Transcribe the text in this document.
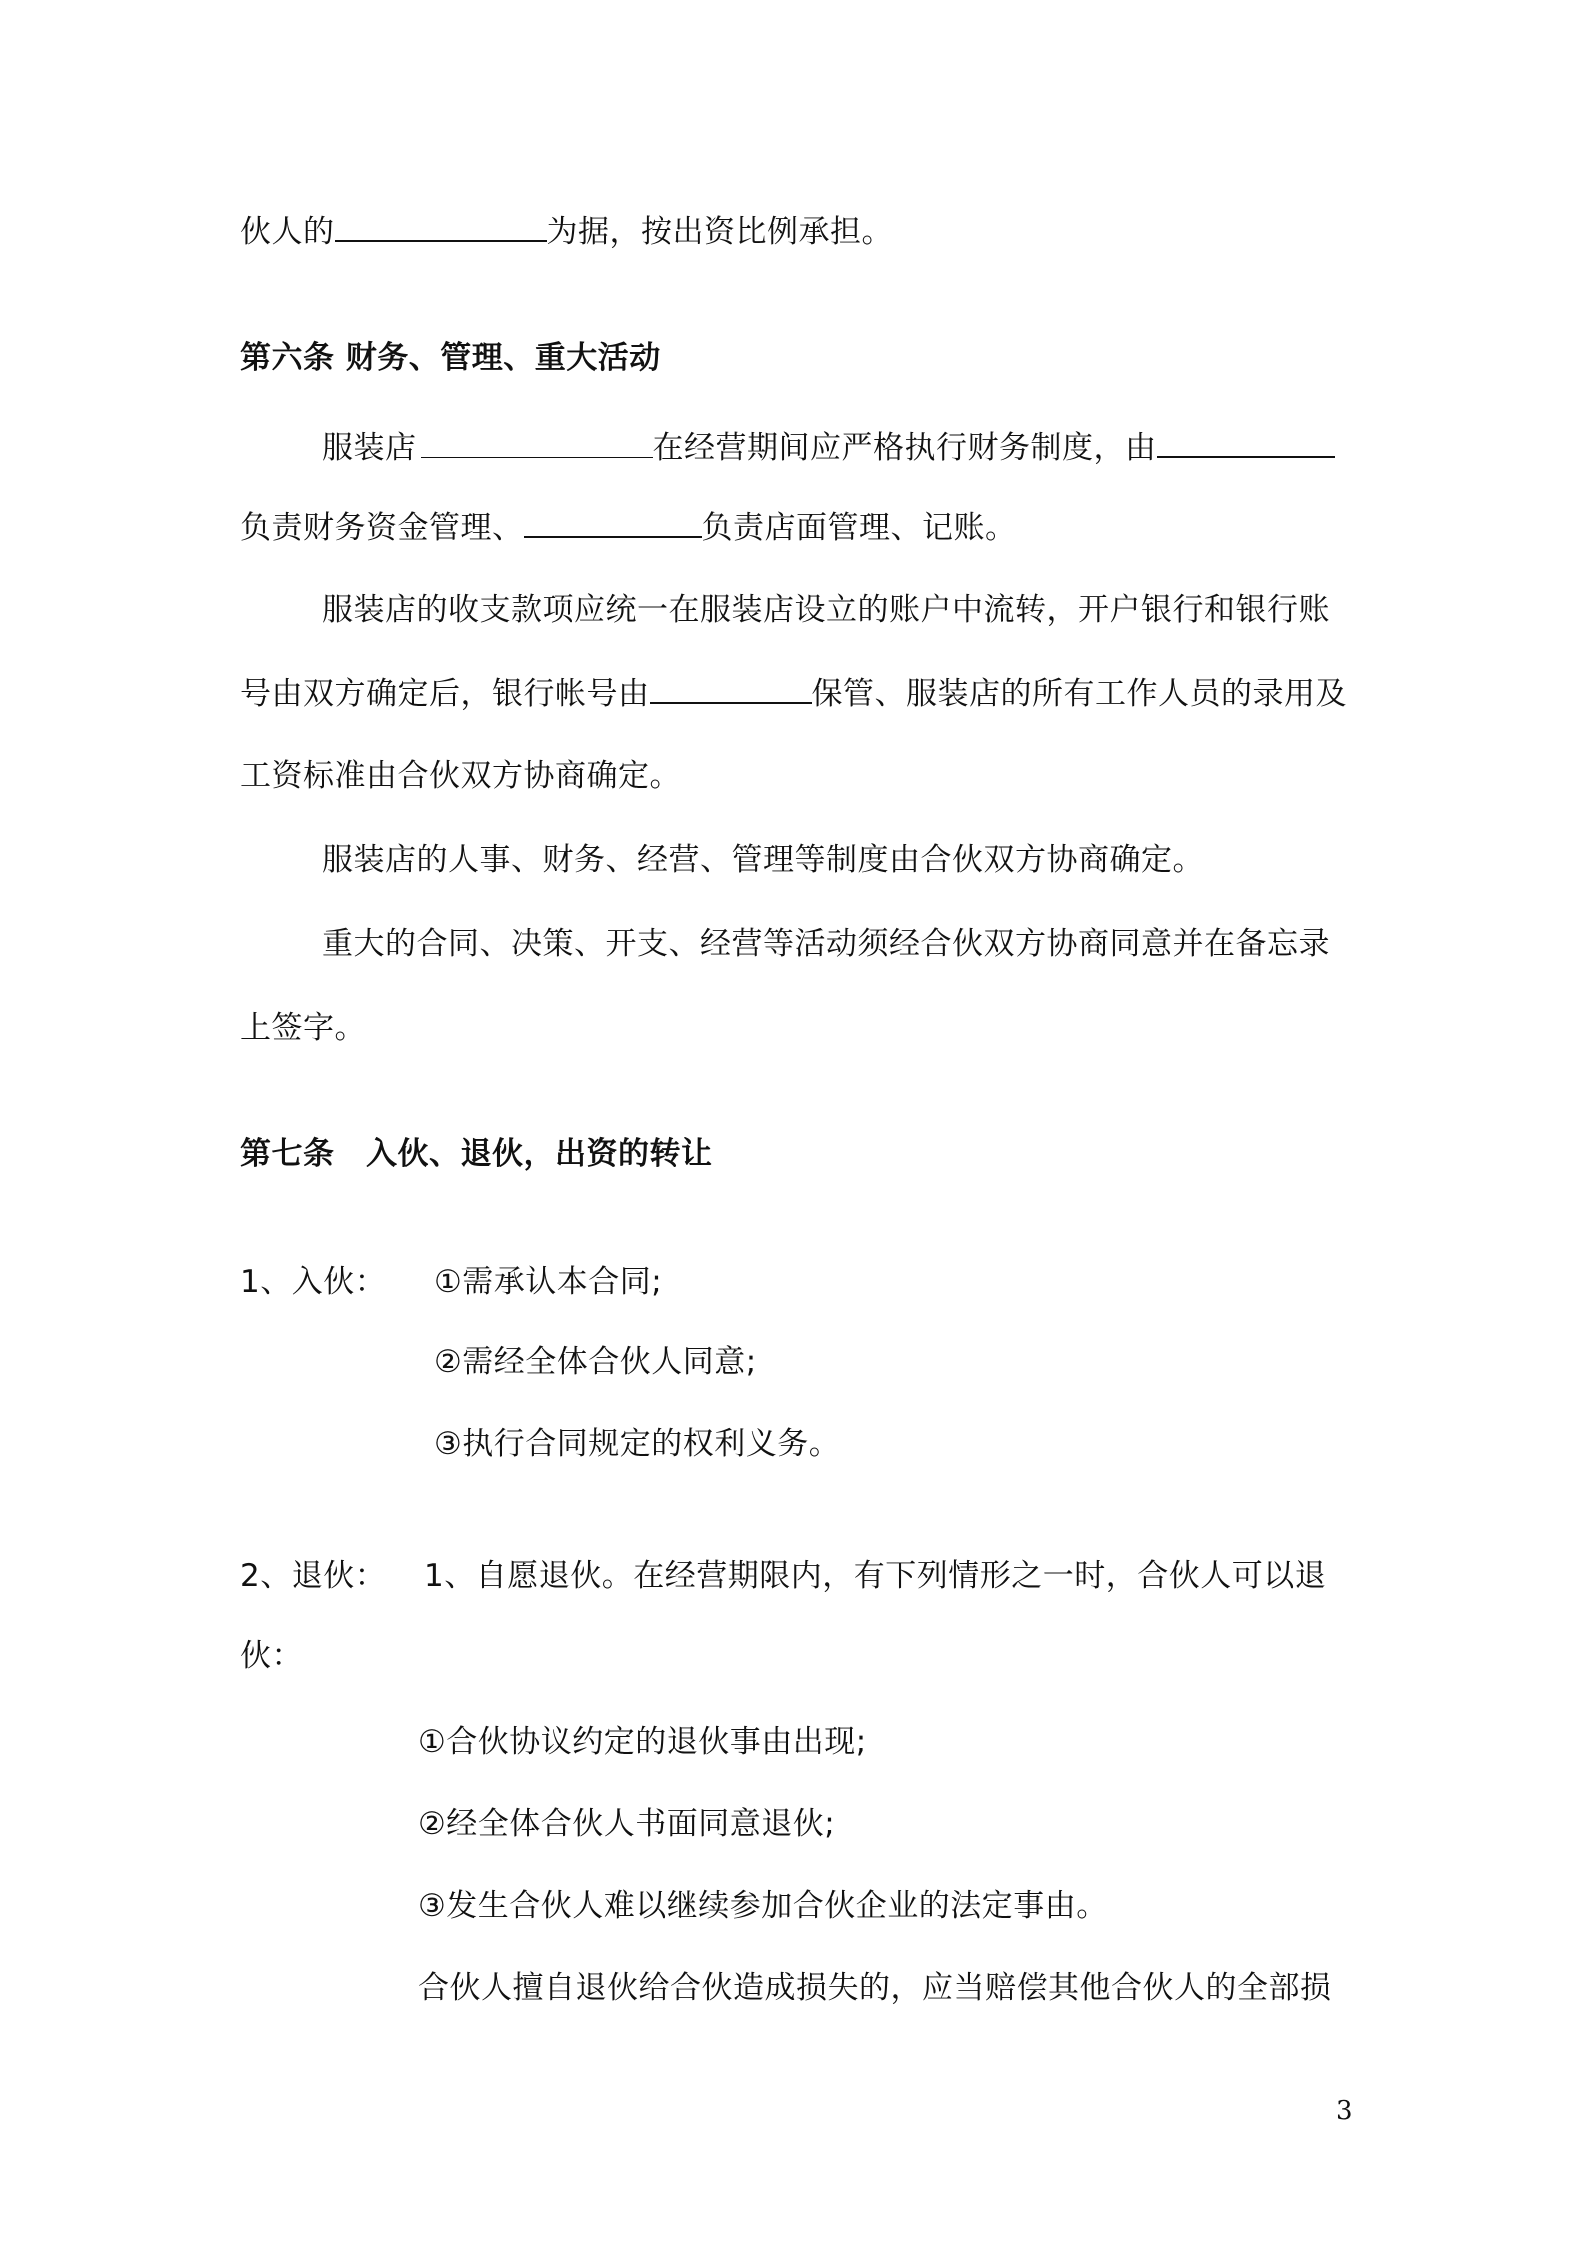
伙人的	为据，按出资比例承担。
第六条 财务、管理、重大活动
服装店	在经营期间应严格执行财务制度，由
负责财务资金管理、	负责店面管理、记账。
服装店的收支款项应统一在服装店设立的账户中流转，开户银行和银行账
号由双方确定后，银行帐号由	保管、服装店的所有工作人员的录用及
工资标准由合伙双方协商确定。
服装店的人事、财务、经营、管理等制度由合伙双方协商确定。
重大的合同、决策、开支、经营等活动须经合伙双方协商同意并在备忘录
上签字。
第七条　入伙、退伙，出资的转让
1、入伙： ①需承认本合同;
②需经全体合伙人同意;
③执行合同规定的权利义务。
2、退伙： 1、自愿退伙。在经营期限内，有下列情形之一时，合伙人可以退
伙：
①合伙协议约定的退伙事由出现;
②经全体合伙人书面同意退伙;
③发生合伙人难以继续参加合伙企业的法定事由。
合伙人擅自退伙给合伙造成损失的，应当赔偿其他合伙人的全部损
3
